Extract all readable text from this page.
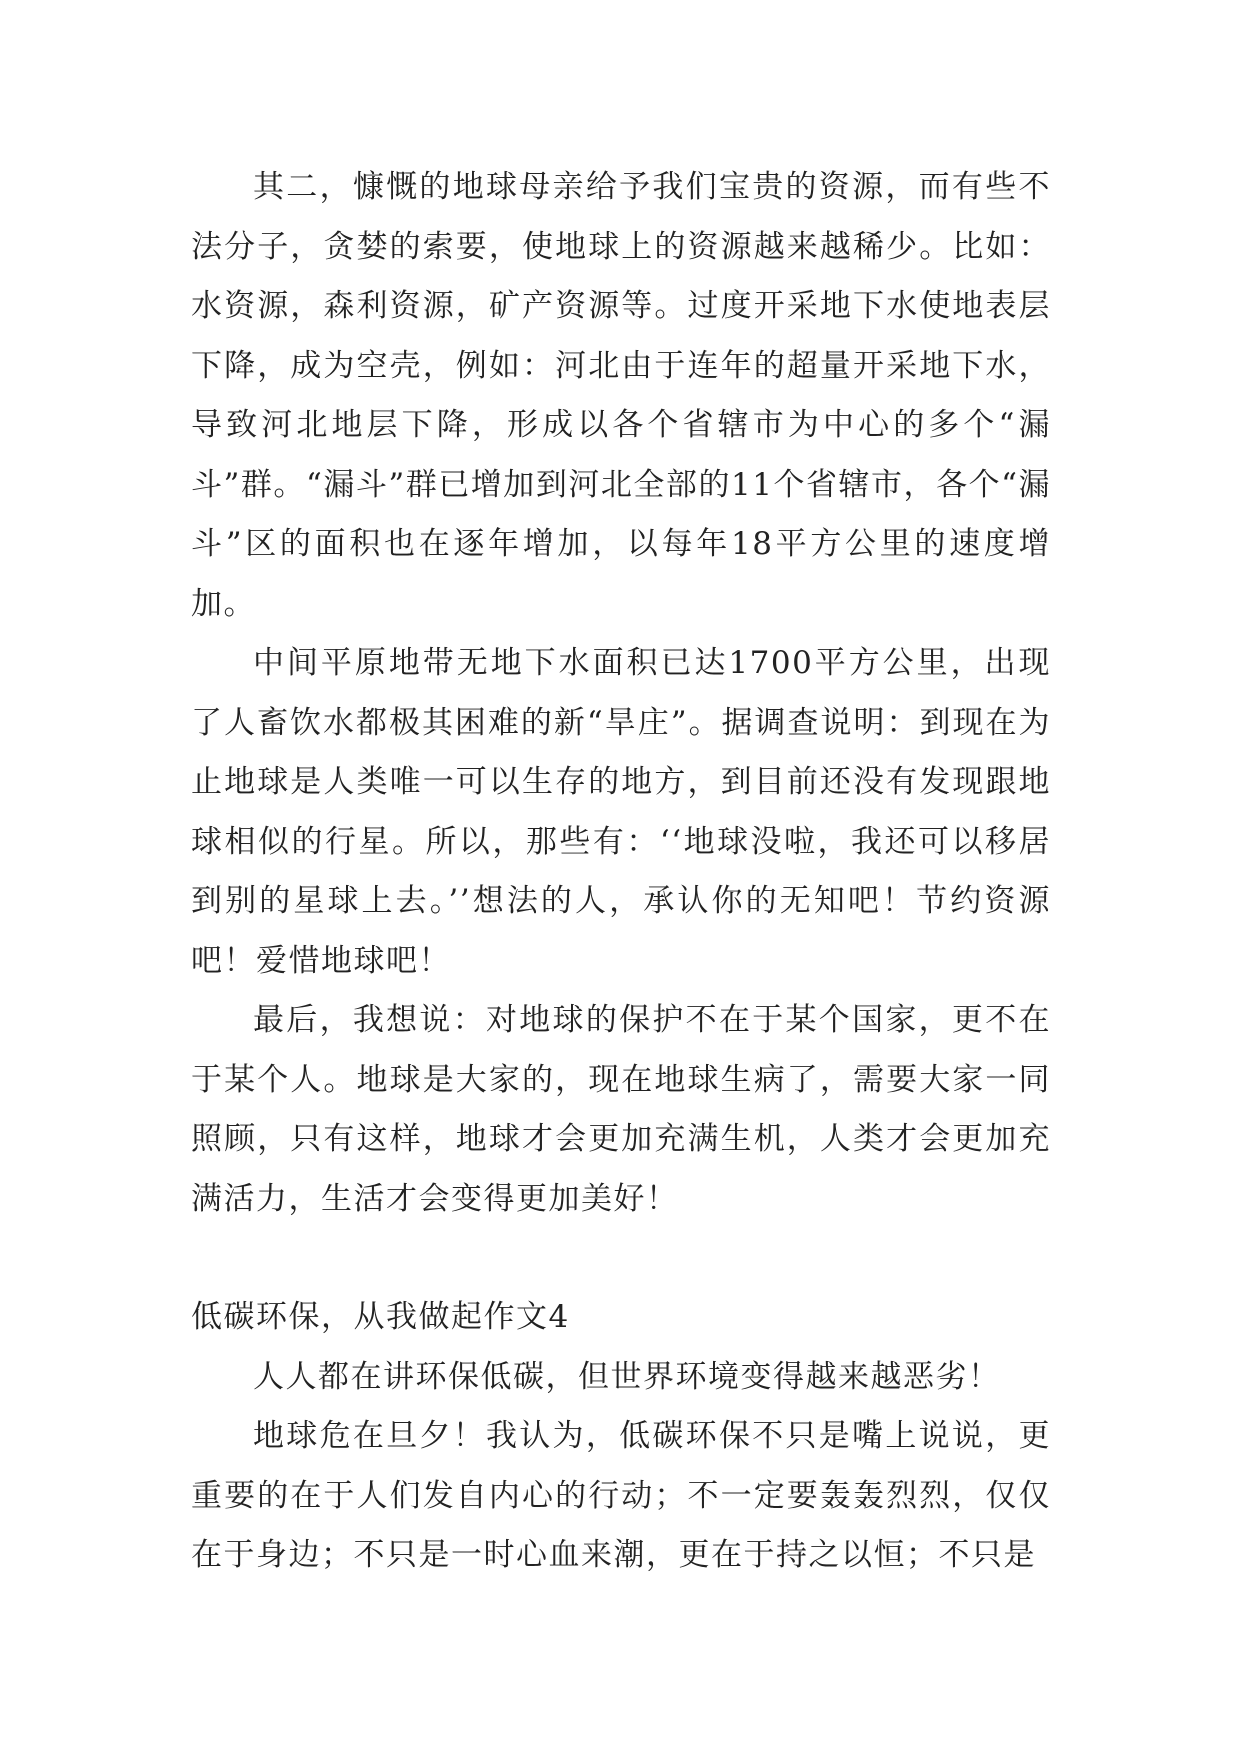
其二，慷慨的地球母亲给予我们宝贵的资源，而有些不法分子，贪婪的索要，使地球上的资源越来越稀少。比如：水资源，森利资源，矿产资源等。过度开采地下水使地表层下降，成为空壳，例如：河北由于连年的超量开采地下水，导致河北地层下降，形成以各个省辖市为中心的多个“漏斗”群。“漏斗”群已增加到河北全部的11个省辖市，各个“漏斗”区的面积也在逐年增加，以每年18平方公里的速度增加。

中间平原地带无地下水面积已达1700平方公里，出现了人畜饮水都极其困难的新“旱庄”。据调查说明：到现在为止地球是人类唯一可以生存的地方，到目前还没有发现跟地球相似的行星。所以，那些有：‘‘地球没啦，我还可以移居到别的星球上去。’’想法的人，承认你的无知吧！节约资源吧！爱惜地球吧！

最后，我想说：对地球的保护不在于某个国家，更不在于某个人。地球是大家的，现在地球生病了，需要大家一同照顾，只有这样，地球才会更加充满生机，人类才会更加充满活力，生活才会变得更加美好！

低碳环保，从我做起作文4

人人都在讲环保低碳，但世界环境变得越来越恶劣！

地球危在旦夕！我认为，低碳环保不只是嘴上说说，更重要的在于人们发自内心的行动；不一定要轰轰烈烈，仅仅在于身边；不只是一时心血来潮，更在于持之以恒；不只是
